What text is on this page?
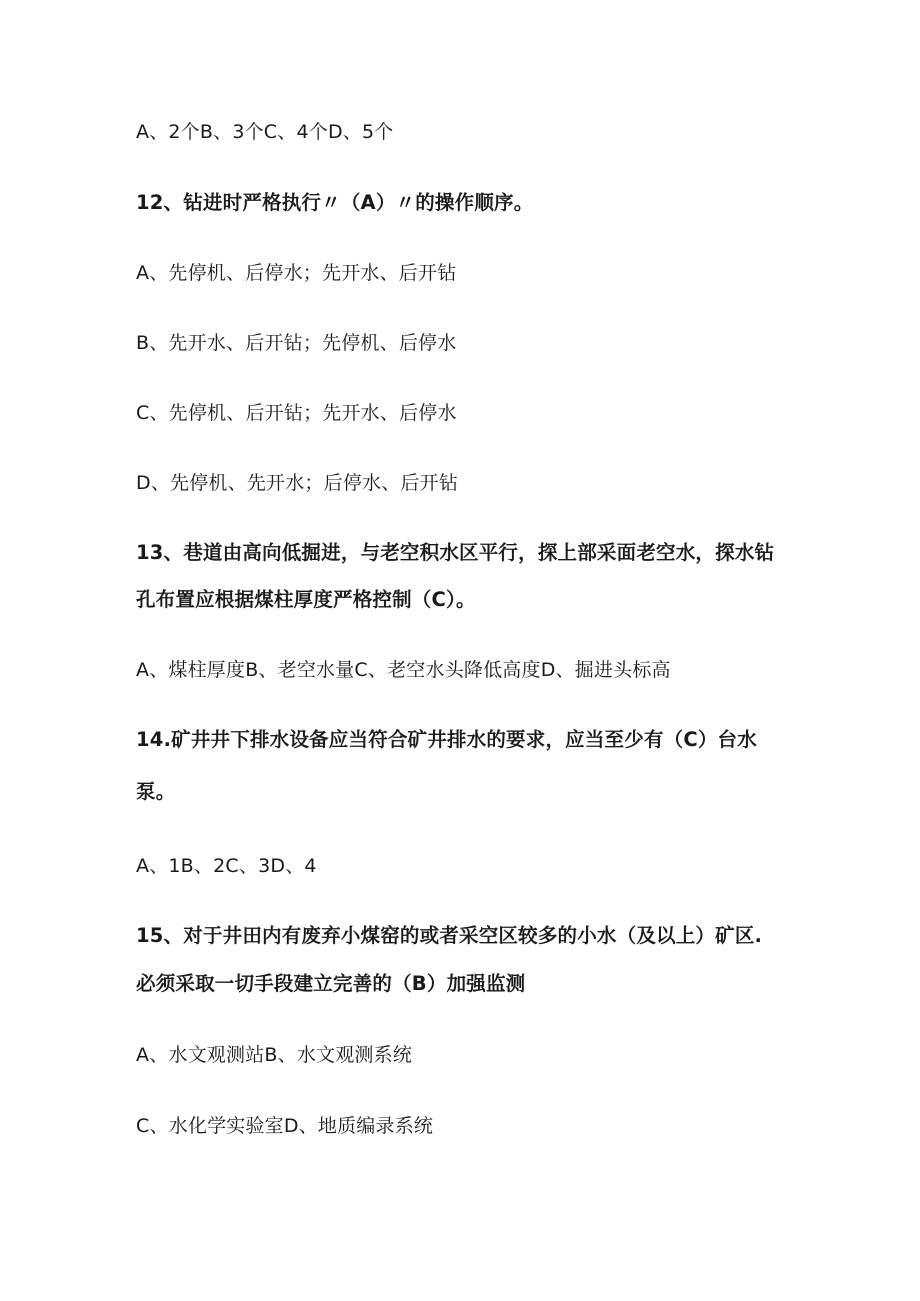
A、2个B、3个C、4个D、5个
12、钻进时严格执行〃（A）〃的操作顺序。
A、先停机、后停水；先开水、后开钻
B、先开水、后开钻；先停机、后停水
C、先停机、后开钻；先开水、后停水
D、先停机、先开水；后停水、后开钻
13、巷道由高向低掘进，与老空积水区平行，探上部采面老空水，探水钻
孔布置应根据煤柱厚度严格控制（C）。
A、煤柱厚度B、老空水量C、老空水头降低高度D、掘进头标高
14.矿井井下排水设备应当符合矿井排水的要求，应当至少有（C）台水
泵。
A、1B、2C、3D、4
15、对于井田内有废弃小煤窑的或者采空区较多的小水（及以上）矿区.
必须采取一切手段建立完善的（B）加强监测
A、水文观测站B、水文观测系统
C、水化学实验室D、地质编录系统
